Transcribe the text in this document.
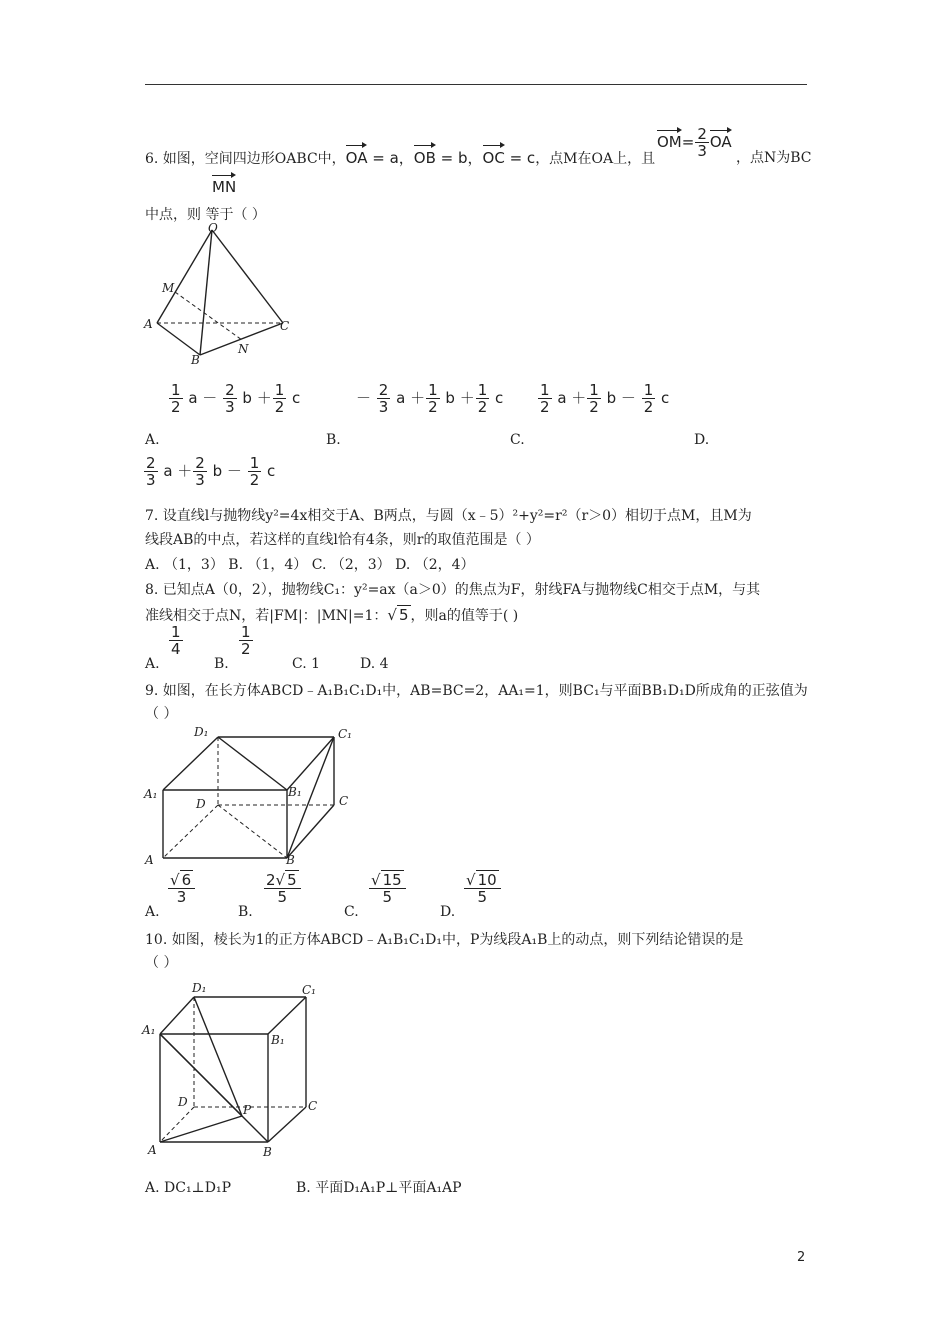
6. 如图，空间四边形OABC中，OA = a，OB = b，OC = c，点M在OA上，且
$OM= \frac{2}{3}$ OA
，点N为BC
MN
中点，则 等于（ ）
O
M
A	C
B
N
$\frac{1}{2}$ $a - \frac{2}{3}$ $b + \frac{1}{2}$ c	－ $\frac{2}{3}$ $a + \frac{1}{2}$ $b + \frac{1}{2}$ c $\frac{1}{2}$ $a + \frac{1}{2}$ $b - \frac{1}{2}$ c
A.	B.	C.	D.
$\frac{2}{3}$ $a + \frac{2}{3}$ $b - \frac{1}{2}$ c
7. 设直线l与抛物线y²=4x相交于A、B两点，与圆（x﹣5）²+y²=r²（r＞0）相切于点M，且M为
线段AB的中点，若这样的直线l恰有4条，则r的取值范围是（ ）
A. （1，3） B. （1，4） C. （2，3） D. （2，4）
8. 已知点A（0，2），抛物线C₁：y²=ax（a＞0）的焦点为F，射线FA与抛物线C相交于点M，与其
准线相交于点N，若|FM|：|MN|=1：√ 5 ，则a的值等于( )
$\frac{1}{4}$	$\frac{1}{2}$
A.	B.	C. 1	D. 4
9. 如图，在长方体ABCD﹣A₁B₁C₁D₁中，AB=BC=2，AA₁=1，则BC₁与平面BB₁D₁D所成角的正弦值为
（ ）
D₁	C₁
A₁
D
B₁
C
A	B
A.
$\frac{√ 6}{3}$
B.
$\frac{2√ 5}{5}$
C.
$\frac{√ 15}{5}$
D.
$\frac{√ 10}{5}$
10. 如图，棱长为1的正方体ABCD﹣A₁B₁C₁D₁中，P为线段A₁B上的动点，则下列结论错误的是
（ ）
D₁	C₁
A₁
B₁
D
P	C
A	B
A. DC₁⊥D₁P	B. 平面D₁A₁P⊥平面A₁AP
2
